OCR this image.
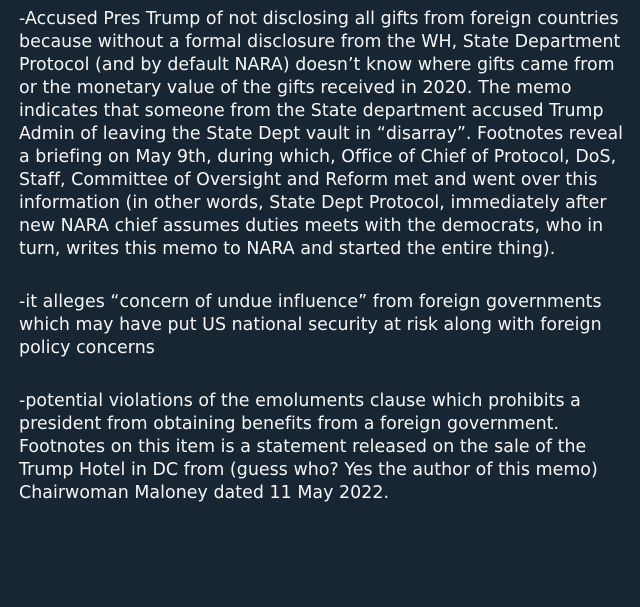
-Accused Pres Trump of not disclosing all gifts from foreign countries because without a formal disclosure from the WH, State Department Protocol (and by default NARA) doesn’t know where gifts came from or the monetary value of the gifts received in 2020. The memo indicates that someone from the State department accused Trump Admin of leaving the State Dept vault in “disarray”. Footnotes reveal a briefing on May 9th, during which, Office of Chief of Protocol, DoS, Staff, Committee of Oversight and Reform met and went over this information (in other words, State Dept Protocol, immediately after new NARA chief assumes duties meets with the democrats, who in turn, writes this memo to NARA and started the entire thing).

-it alleges “concern of undue influence” from foreign governments which may have put US national security at risk along with foreign policy concerns

-potential violations of the emoluments clause which prohibits a president from obtaining benefits from a foreign government. Footnotes on this item is a statement released on the sale of the Trump Hotel in DC from (guess who? Yes the author of this memo) Chairwoman Maloney dated 11 May 2022.
